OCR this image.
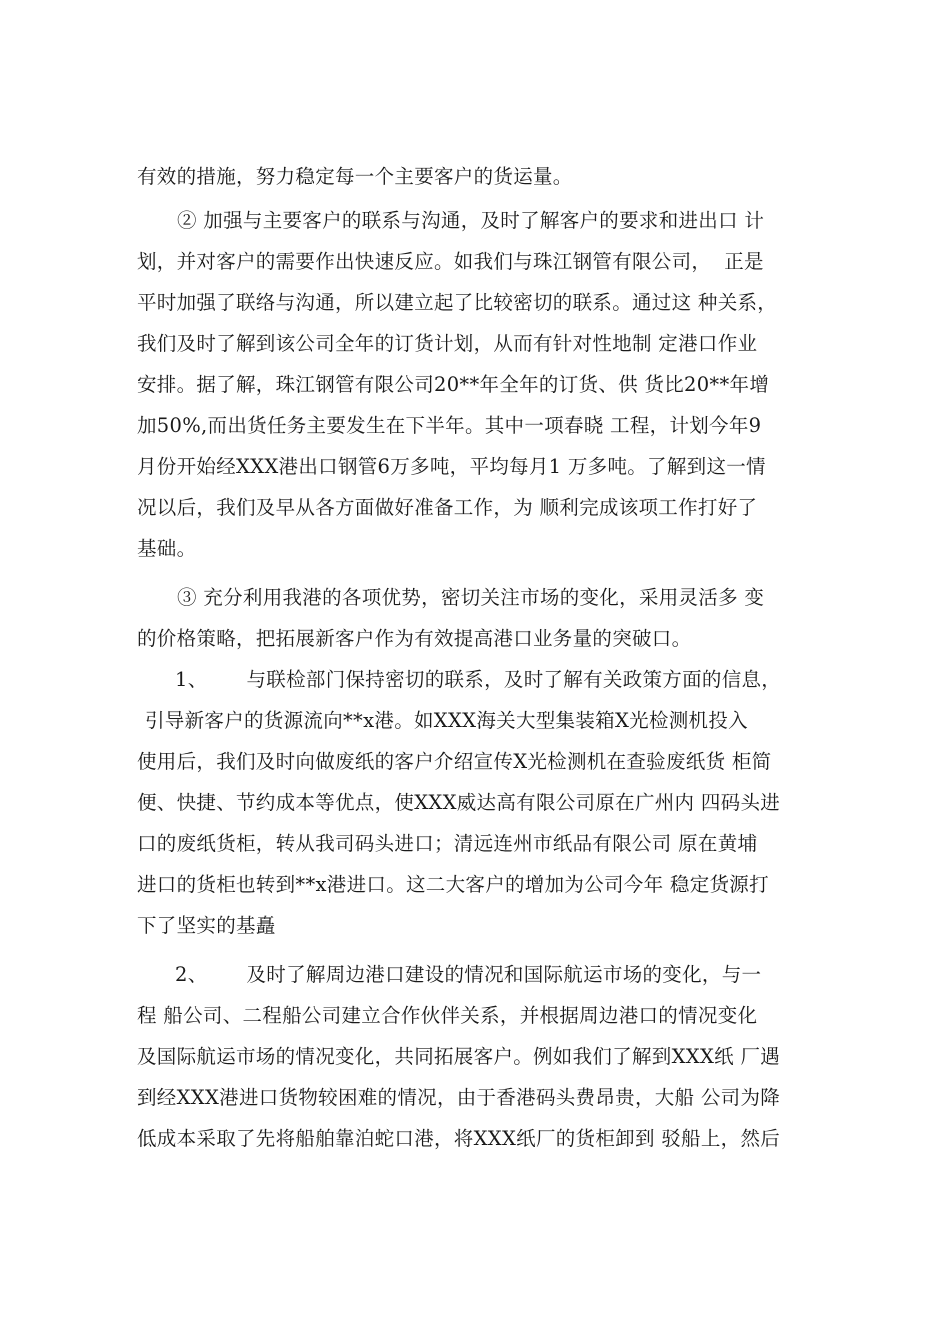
有效的措施，努力稳定每一个主要客户的货运量。
② 加强与主要客户的联系与沟通，及时了解客户的要求和进出口 计
划，并对客户的需要作出快速反应。如我们与珠江钢管有限公司，  正是
平时加强了联络与沟通，所以建立起了比较密切的联系。通过这 种关系，
我们及时了解到该公司全年的订货计划，从而有针对性地制 定港口作业
安排。据了解，珠江钢管有限公司20**年全年的订货、供 货比20**年增
加50%,而出货任务主要发生在下半年。其中一项春晓 工程，计划今年9
月份开始经XXX港出口钢管6万多吨，平均每月1 万多吨。了解到这一情
况以后，我们及早从各方面做好准备工作，为 顺利完成该项工作打好了
基础。
③ 充分利用我港的各项优势，密切关注市场的变化，采用灵活多 变
的价格策略，把拓展新客户作为有效提高港口业务量的突破口。
1、      与联检部门保持密切的联系，及时了解有关政策方面的信息，
引导新客户的货源流向**x港。如XXX海关大型集装箱X光检测机投入
使用后，我们及时向做废纸的客户介绍宣传X光检测机在查验废纸货 柜简
便、快捷、节约成本等优点，使XXX威达高有限公司原在广州内 四码头进
口的废纸货柜，转从我司码头进口；清远连州市纸品有限公司 原在黄埔
进口的货柜也转到**x港进口。这二大客户的增加为公司今年 稳定货源打
下了坚实的基矗
2、      及时了解周边港口建设的情况和国际航运市场的变化，与一
程 船公司、二程船公司建立合作伙伴关系，并根据周边港口的情况变化
及国际航运市场的情况变化，共同拓展客户。例如我们了解到XXX纸 厂遇
到经XXX港进口货物较困难的情况，由于香港码头费昂贵，大船 公司为降
低成本采取了先将船舶靠泊蛇口港，将XXX纸厂的货柜卸到 驳船上，然后
